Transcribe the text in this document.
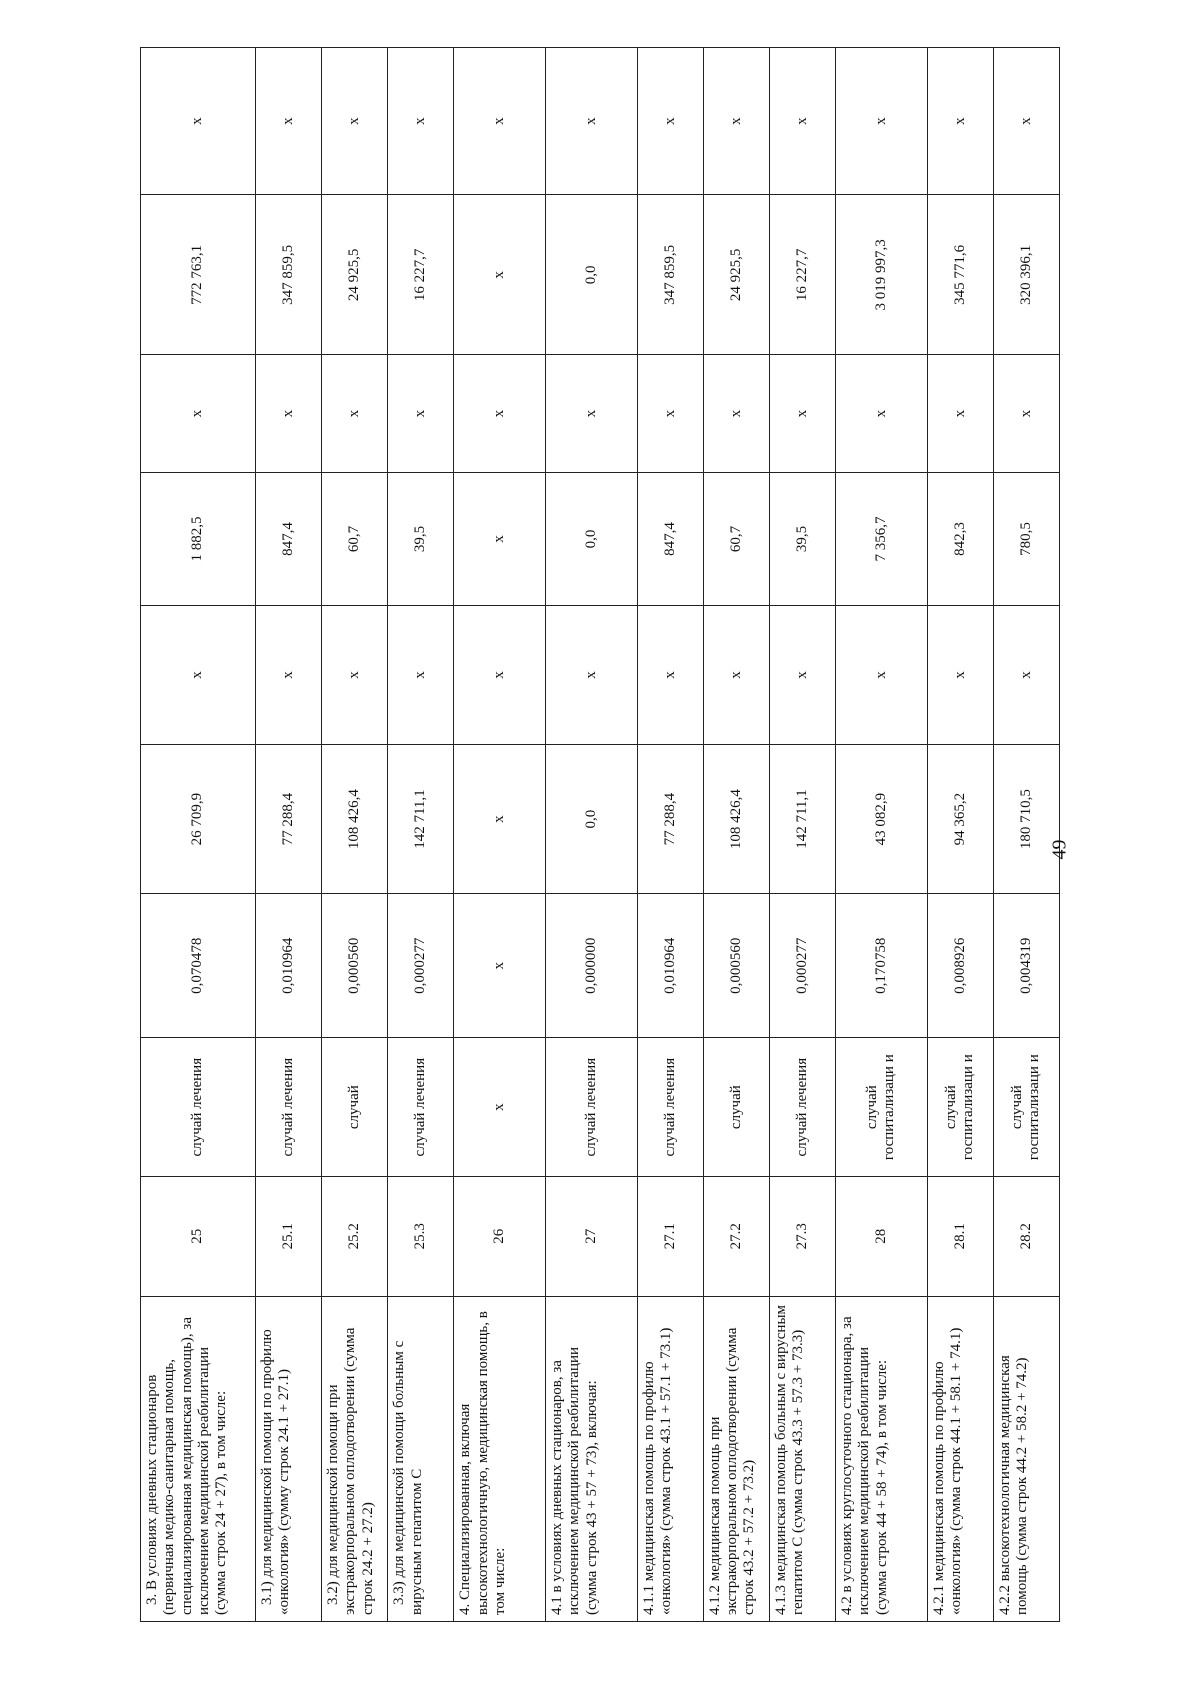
3. В условиях дневных стационаров (первичная медико-санитарная помощь, специализированная медицинская помощь), за исключением медицинской реабилитации (сумма строк 24 + 27), в том числе:	25	случай лечения	0,070478	26 709,9	х	1 882,5	х	772 763,1	х
3.1) для медицинской помощи по профилю «онкология» (сумму строк 24.1 + 27.1)	25.1	случай лечения	0,010964	77 288,4	х	847,4	х	347 859,5	х
3.2) для медицинской помощи при экстракорпоральном оплодотворении (сумма строк 24.2 + 27.2)	25.2	случай	0,000560	108 426,4	х	60,7	х	24 925,5	х
3.3) для медицинской помощи больным с вирусным гепатитом С	25.3	случай лечения	0,000277	142 711,1	х	39,5	х	16 227,7	х
4. Специализированная, включая высокотехнологичную, медицинская помощь, в том числе:	26	х	х	х	х	х	х	х	х
4.1 в условиях дневных стационаров, за исключением медицинской реабилитации (сумма строк 43 + 57 + 73), включая:	27	случай лечения	0,000000	0,0	х	0,0	х	0,0	х
4.1.1 медицинская помощь по профилю «онкология» (сумма строк 43.1 + 57.1 + 73.1)	27.1	случай лечения	0,010964	77 288,4	х	847,4	х	347 859,5	х
4.1.2 медицинская помощь при экстракорпоральном оплодотворении (сумма строк 43.2 + 57.2 + 73.2)	27.2	случай	0,000560	108 426,4	х	60,7	х	24 925,5	х
4.1.3 медицинская помощь больным с вирусным гепатитом С (сумма строк 43.3 + 57.3 + 73.3)	27.3	случай лечения	0,000277	142 711,1	х	39,5	х	16 227,7	х
4.2 в условиях круглосуточного стационара, за исключением медицинской реабилитации (сумма строк 44 + 58 + 74), в том числе:	28	случай госпитализаци и	0,170758	43 082,9	х	7 356,7	х	3 019 997,3	х
4.2.1 медицинская помощь по профилю «онкология» (сумма строк 44.1 + 58.1 + 74.1)	28.1	случай госпитализаци и	0,008926	94 365,2	х	842,3	х	345 771,6	х
4.2.2 высокотехнологичная медицинская помощь (сумма строк 44.2 + 58.2 + 74.2)	28.2	случай госпитализаци и	0,004319	180 710,5	х	780,5	х	320 396,1	х
49
